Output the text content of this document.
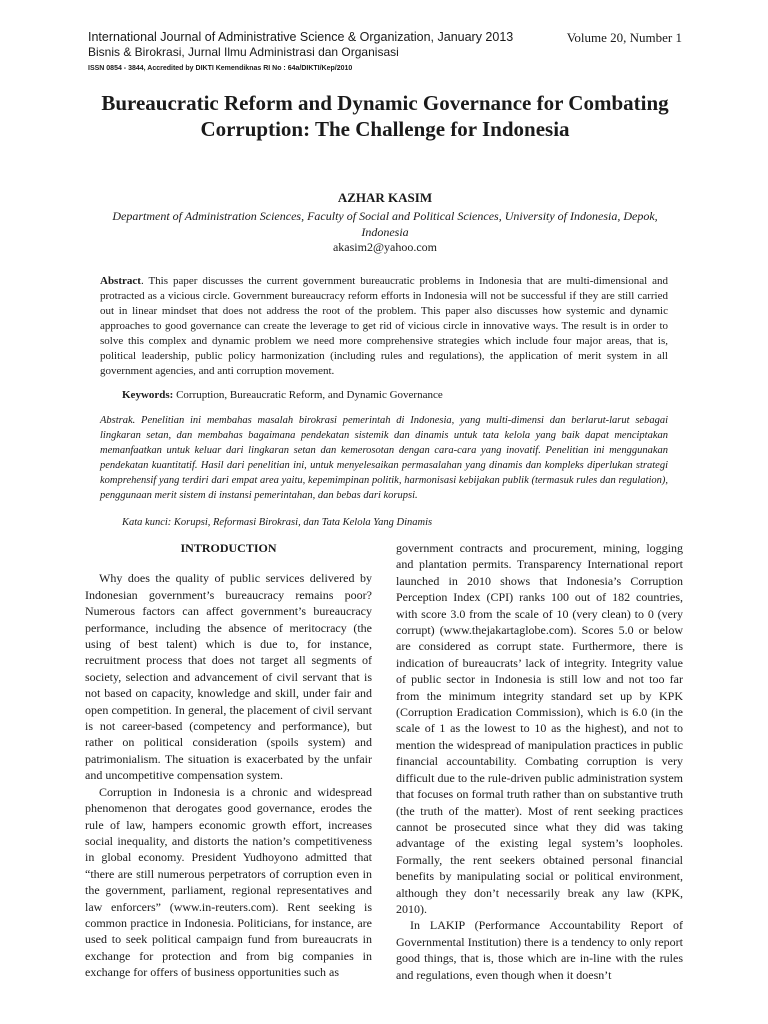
International Journal of Administrative Science & Organization, January 2013	Volume 20, Number 1
Bisnis & Birokrasi, Jurnal Ilmu Administrasi dan Organisasi
ISSN 0854 - 3844, Accredited by DIKTI Kemendiknas RI No : 64a/DIKTI/Kep/2010
Bureaucratic Reform and Dynamic Governance for Combating Corruption: The Challenge for Indonesia
AZHAR KASIM
Department of Administration Sciences, Faculty of Social and Political Sciences, University of Indonesia, Depok, Indonesia
akasim2@yahoo.com
Abstract. This paper discusses the current government bureaucratic problems in Indonesia that are multi-dimensional and protracted as a vicious circle. Government bureaucracy reform efforts in Indonesia will not be successful if they are still carried out in linear mindset that does not address the root of the problem. This paper also discusses how systemic and dynamic approaches to good governance can create the leverage to get rid of vicious circle in innovative ways. The result is in order to solve this complex and dynamic problem we need more comprehensive strategies which include four major areas, that is, political leadership, public policy harmonization (including rules and regulations), the application of merit system in all government agencies, and anti corruption movement.
Keywords: Corruption, Bureaucratic Reform, and Dynamic Governance
Abstrak. Penelitian ini membahas masalah birokrasi pemerintah di Indonesia, yang multi-dimensi dan berlarut-larut sebagai lingkaran setan, dan membahas bagaimana pendekatan sistemik dan dinamis untuk tata kelola yang baik dapat menciptakan memanfaatkan untuk keluar dari lingkaran setan dan kemerosotan dengan cara-cara yang inovatif. Penelitian ini menggunakan pendekatan kuantitatif. Hasil dari penelitian ini, untuk menyelesaikan permasalahan yang dinamis dan kompleks diperlukan strategi komprehensif yang terdiri dari empat area yaitu, kepemimpinan politik, harmonisasi kebijakan publik (termasuk rules dan regulation), penggunaan merit sistem di instansi pemerintahan, dan bebas dari korupsi.
Kata kunci: Korupsi, Reformasi Birokrasi, dan Tata Kelola Yang Dinamis
INTRODUCTION

Why does the quality of public services delivered by Indonesian government’s bureaucracy remains poor? Numerous factors can affect government’s bureaucracy performance, including the absence of meritocracy (the using of best talent) which is due to, for instance, recruitment process that does not target all segments of society, selection and advancement of civil servant that is not based on capacity, knowledge and skill, under fair and open competition. In general, the placement of civil servant is not career-based (competency and performance), but rather on political consideration (spoils system) and patrimonialism. The situation is exacerbated by the unfair and uncompetitive compensation system.

Corruption in Indonesia is a chronic and widespread phenomenon that derogates good governance, erodes the rule of law, hampers economic growth effort, increases social inequality, and distorts the nation’s competitiveness in global economy. President Yudhoyono admitted that “there are still numerous perpetrators of corruption even in the government, parliament, regional representatives and law enforcers” (www.in-reuters.com). Rent seeking is common practice in Indonesia. Politicians, for instance, are used to seek political campaign fund from bureaucrats in exchange for protection and from big companies in exchange for offers of business opportunities such as

government contracts and procurement, mining, logging and plantation permits. Transparency International report launched in 2010 shows that Indonesia’s Corruption Perception Index (CPI) ranks 100 out of 182 countries, with score 3.0 from the scale of 10 (very clean) to 0 (very corrupt) (www.thejakartaglobe.com). Scores 5.0 or below are considered as corrupt state. Furthermore, there is indication of bureaucrats’ lack of integrity. Integrity value of public sector in Indonesia is still low and not too far from the minimum integrity standard set up by KPK (Corruption Eradication Commission), which is 6.0 (in the scale of 1 as the lowest to 10 as the highest), and not to mention the widespread of manipulation practices in public financial accountability. Combating corruption is very difficult due to the rule-driven public administration system that focuses on formal truth rather than on substantive truth (the truth of the matter). Most of rent seeking practices cannot be prosecuted since what they did was taking advantage of the existing legal system’s loopholes. Formally, the rent seekers obtained personal financial benefits by manipulating social or political environment, although they don’t necessarily break any law (KPK, 2010).

In LAKIP (Performance Accountability Report of Governmental Institution) there is a tendency to only report good things, that is, those which are in-line with the rules and regulations, even though when it doesn’t
